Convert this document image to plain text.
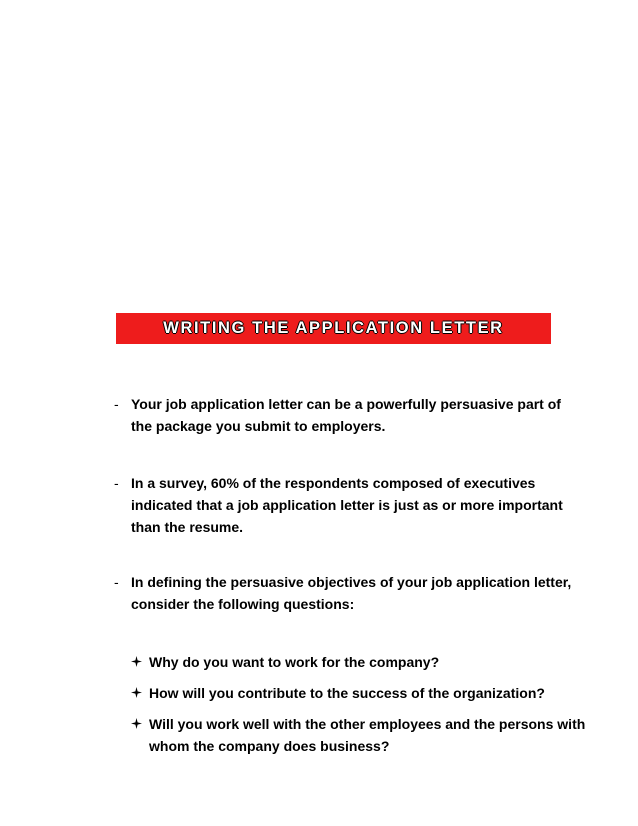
WRITING THE APPLICATION LETTER
- Your job application letter can be a powerfully persuasive part of the package you submit to employers.
- In a survey, 60% of the respondents composed of executives indicated that a job application letter is just as or more important than the resume.
- In defining the persuasive objectives of your job application letter, consider the following questions:
Why do you want to work for the company?
How will you contribute to the success of the organization?
Will you work well with the other employees and the persons with whom the company does business?
